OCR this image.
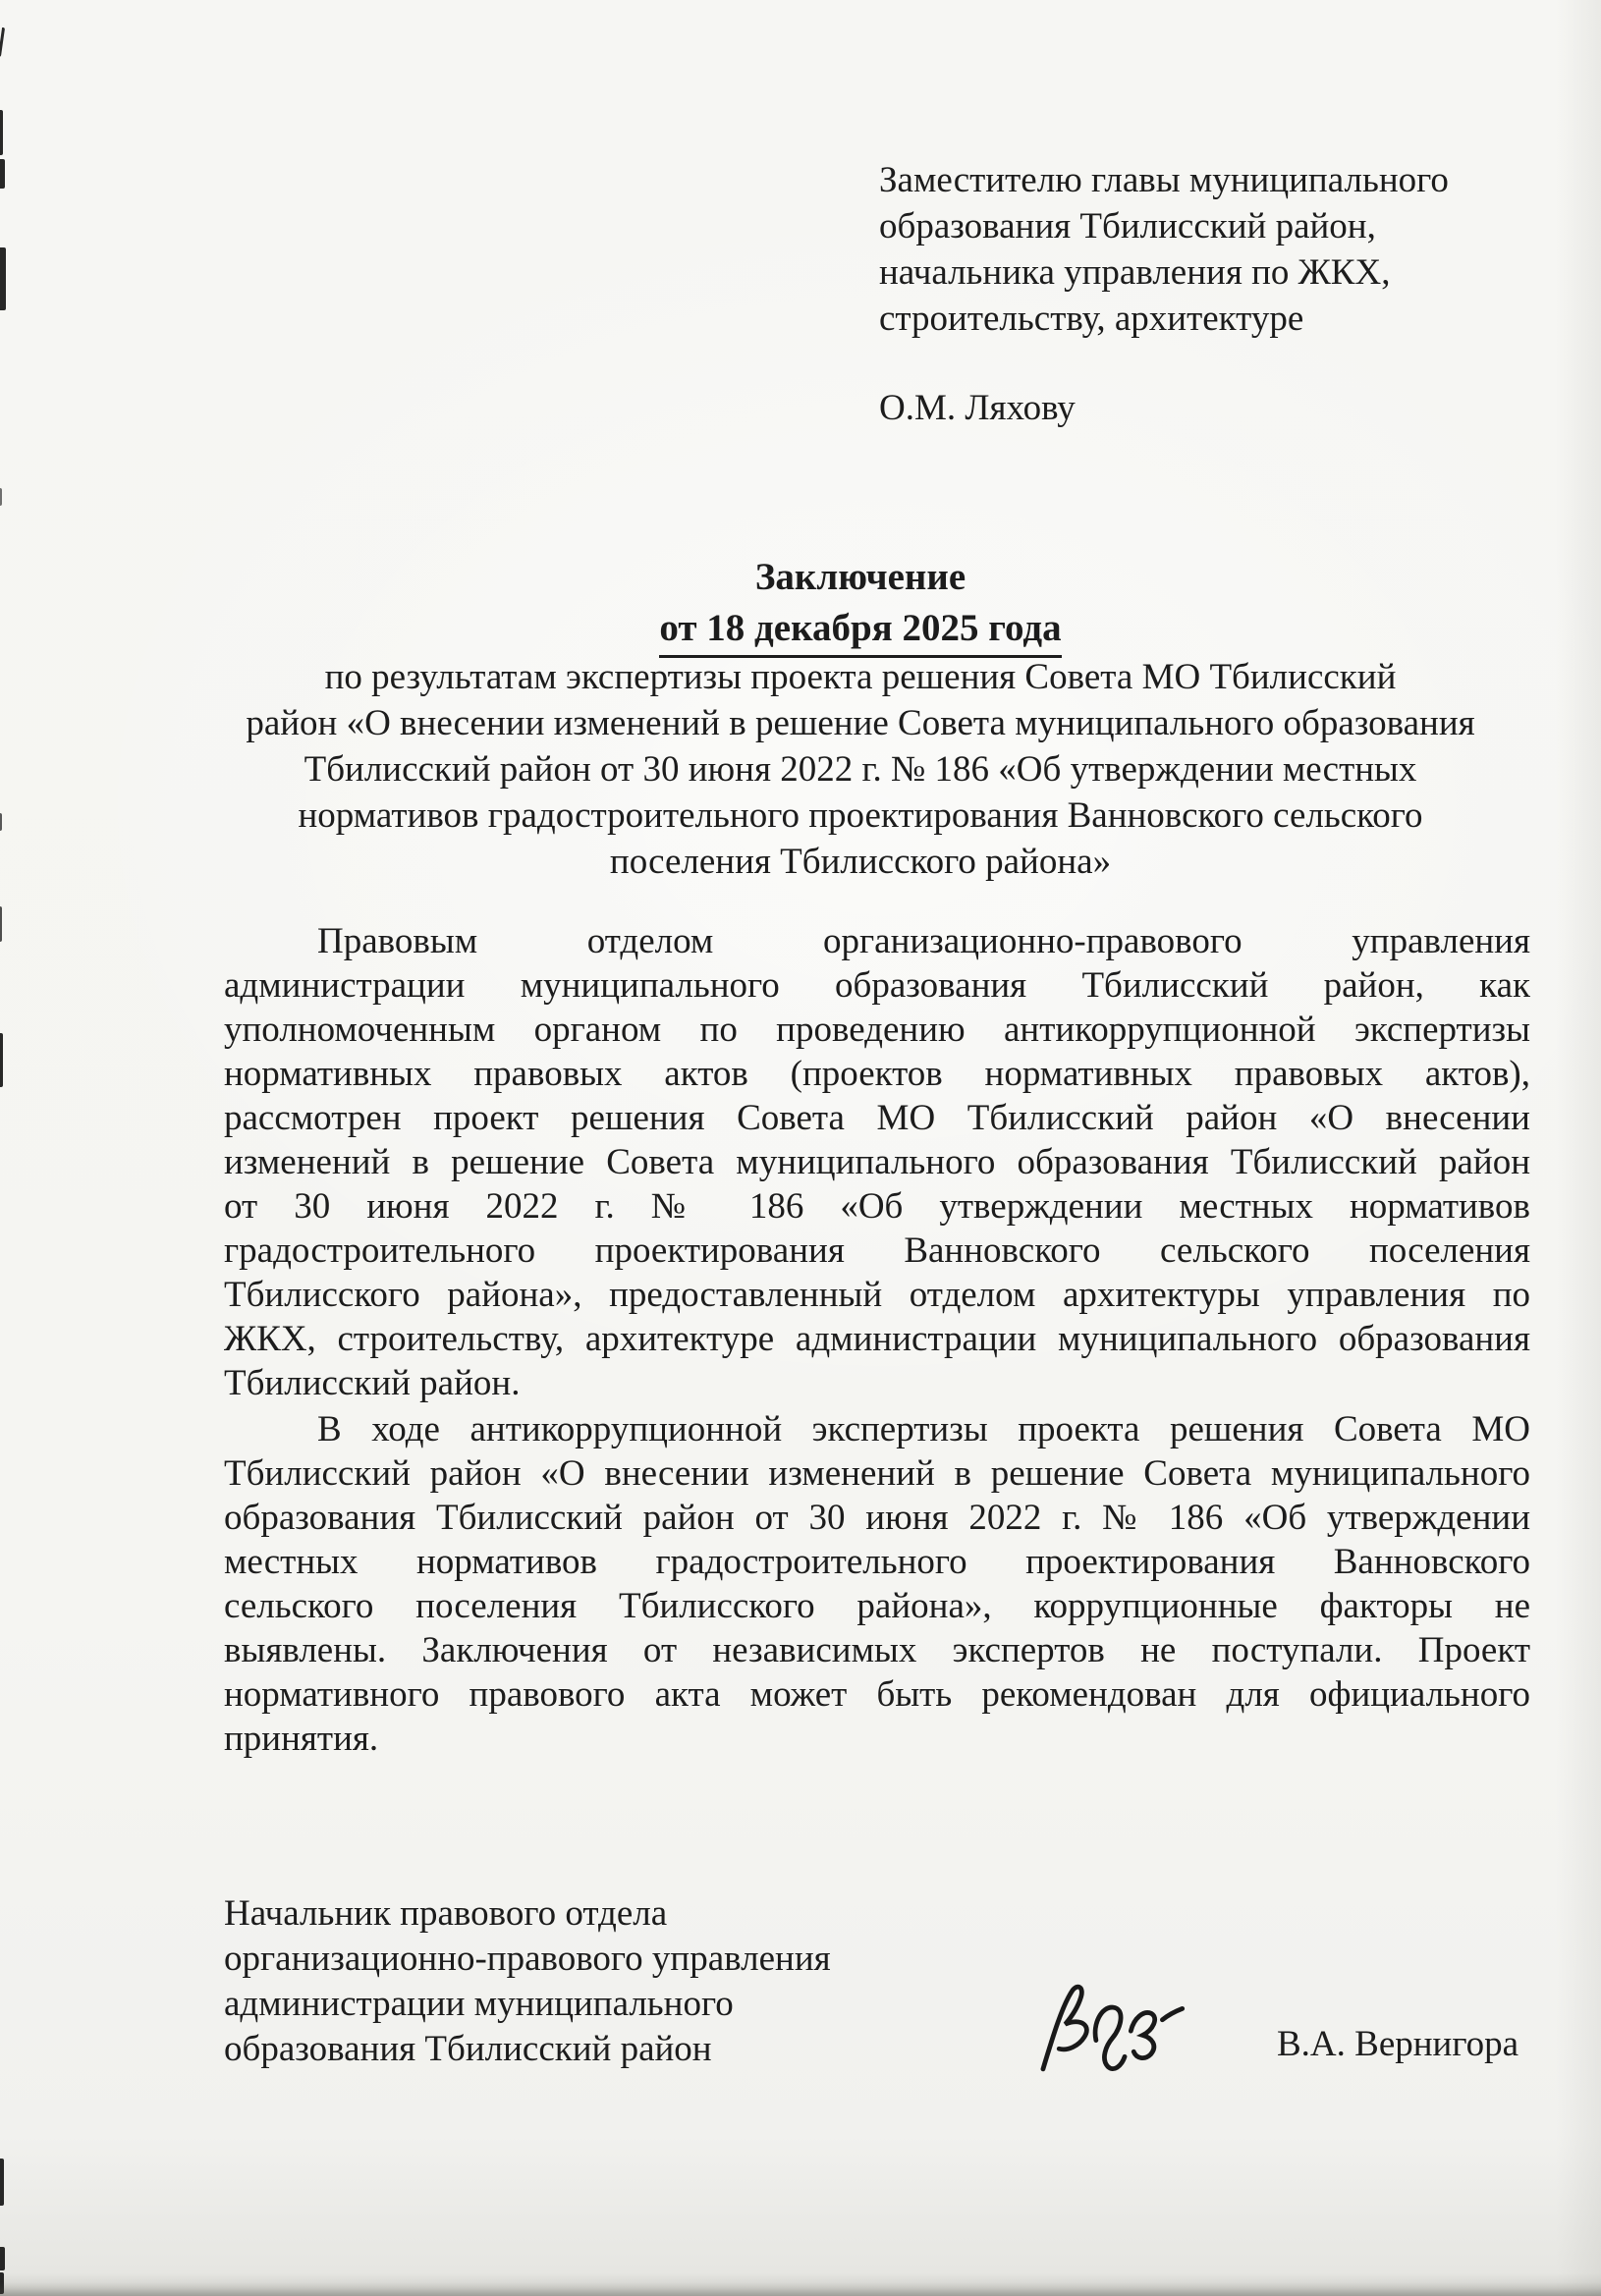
Заместителю главы муниципального
образования Тбилисский район,
начальника управления по ЖКХ,
строительству, архитектуре
О.М. Ляхову
Заключение
от 18 декабря 2025 года
по результатам экспертизы проекта решения Совета МО Тбилисский
район «О внесении изменений в решение Совета муниципального образования
Тбилисский район от 30 июня 2022 г. № 186 «Об утверждении местных
нормативов градостроительного проектирования Ванновского сельского
поселения Тбилисского района»
Правовым отделом организационно-правового управления
администрации муниципального образования Тбилисский район, как
уполномоченным органом по проведению антикоррупционной экспертизы
нормативных правовых актов (проектов нормативных правовых актов),
рассмотрен проект решения Совета МО Тбилисский район «О внесении
изменений в решение Совета муниципального образования Тбилисский район
от 30 июня 2022 г. № 186 «Об утверждении местных нормативов
градостроительного проектирования Ванновского сельского поселения
Тбилисского района», предоставленный отделом архитектуры управления по
ЖКХ, строительству, архитектуре администрации муниципального образования
Тбилисский район.
В ходе антикоррупционной экспертизы проекта решения Совета МО
Тбилисский район «О внесении изменений в решение Совета муниципального
образования Тбилисский район от 30 июня 2022 г. № 186 «Об утверждении
местных нормативов градостроительного проектирования Ванновского
сельского поселения Тбилисского района», коррупционные факторы не
выявлены. Заключения от независимых экспертов не поступали. Проект
нормативного правового акта может быть рекомендован для официального
принятия.
Начальник правового отдела
организационно-правового управления
администрации муниципального
образования Тбилисский район	В.А. Вернигора
